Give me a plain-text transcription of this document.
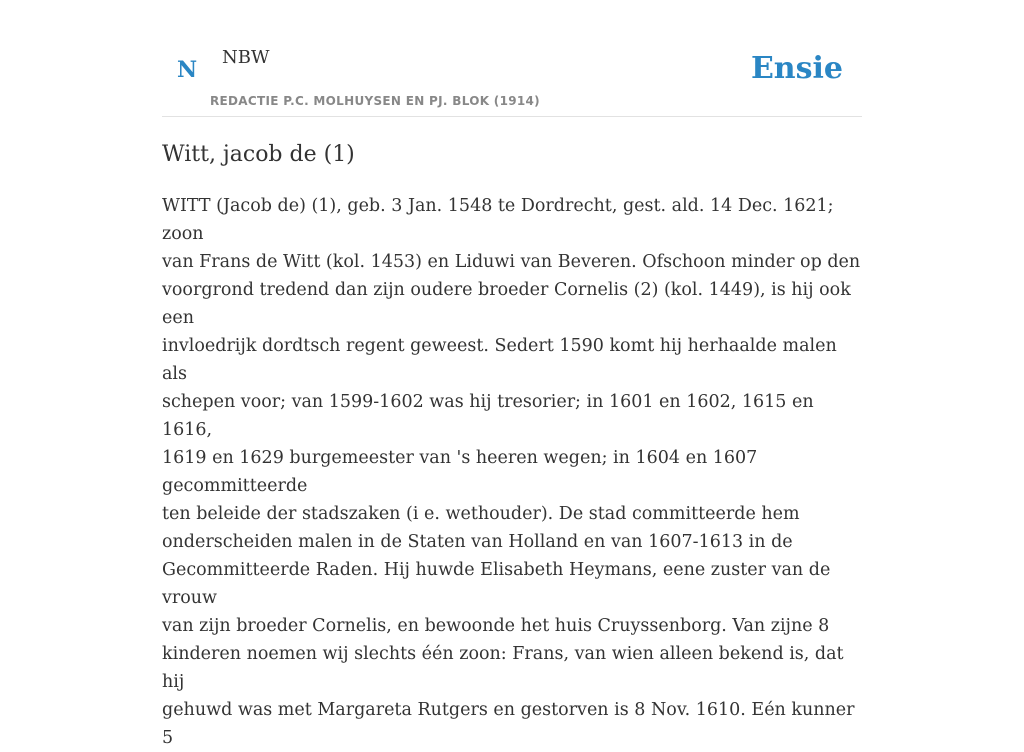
N NBW
REDACTIE P.C. MOLHUYSEN EN PJ. BLOK (1914)
Ensie
Witt, jacob de (1)
WITT (Jacob de) (1), geb. 3 Jan. 1548 te Dordrecht, gest. ald. 14 Dec. 1621; zoon
van Frans de Witt (kol. 1453) en Liduwi van Beveren. Ofschoon minder op den
voorgrond tredend dan zijn oudere broeder Cornelis (2) (kol. 1449), is hij ook een
invloedrijk dordtsch regent geweest. Sedert 1590 komt hij herhaalde malen als
schepen voor; van 1599-1602 was hij tresorier; in 1601 en 1602, 1615 en 1616,
1619 en 1629 burgemeester van 's heeren wegen; in 1604 en 1607 gecommitteerde
ten beleide der stadszaken (i e. wethouder). De stad committeerde hem
onderscheiden malen in de Staten van Holland en van 1607-1613 in de
Gecommitteerde Raden. Hij huwde Elisabeth Heymans, eene zuster van de vrouw
van zijn broeder Cornelis, en bewoonde het huis Cruyssenborg. Van zijne 8
kinderen noemen wij slechts één zoon: Frans, van wien alleen bekend is, dat hij
gehuwd was met Margareta Rutgers en gestorven is 8 Nov. 1610. Eén kunner 5
